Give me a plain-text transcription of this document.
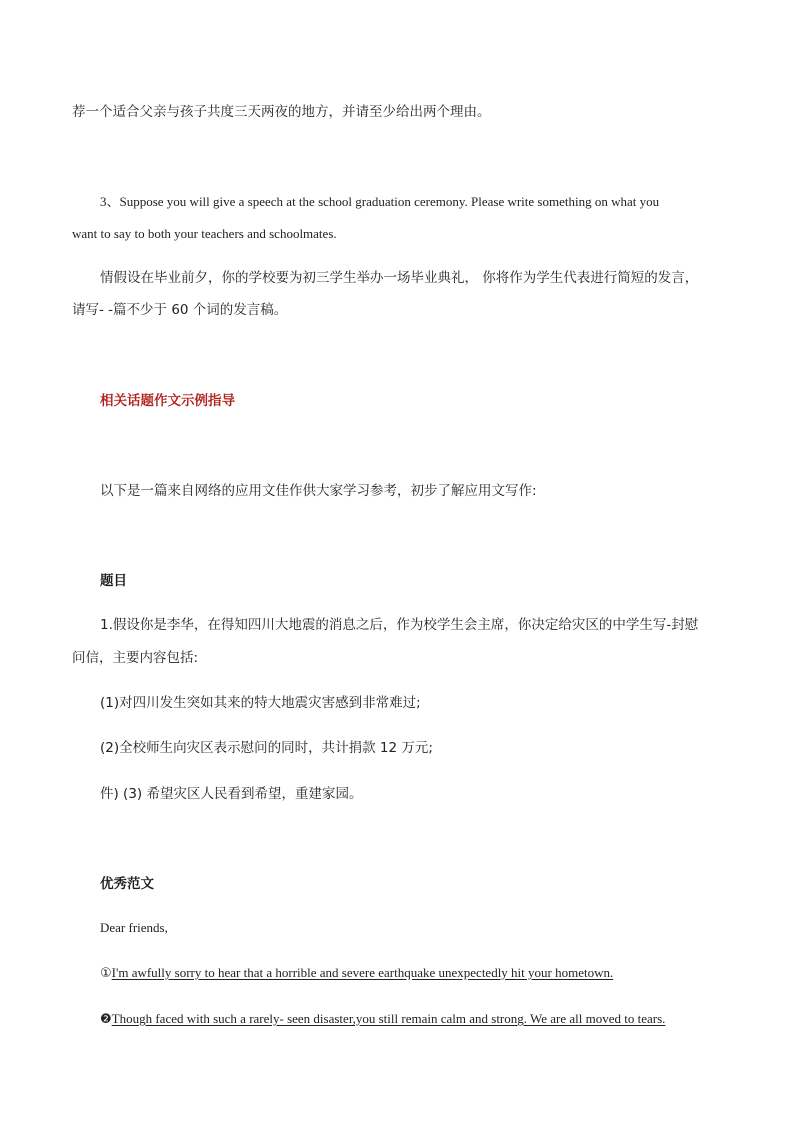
荐一个适合父亲与孩子共度三天两夜的地方，并请至少给出两个理由。
3、Suppose you will give a speech at the school graduation ceremony. Please write something on what you
want to say to both your teachers and schoolmates.
情假设在毕业前夕，你的学校要为初三学生举办一场毕业典礼， 你将作为学生代表进行简短的发言，
请写- -篇不少于 60 个词的发言稿。
相关话题作文示例指导
以下是一篇来自网络的应用文佳作供大家学习参考，初步了解应用文写作:
题目
1.假设你是李华，在得知四川大地震的消息之后，作为校学生会主席，你决定给灾区的中学生写-封慰
问信，主要内容包括:
(1)对四川发生突如其来的特大地震灾害感到非常难过;
(2)全校师生向灾区表示慰问的同时，共计捐款 12 万元;
件) (3) 希望灾区人民看到希望，重建家园。
优秀范文
Dear friends,
①I'm awfully sorry to hear that a horrible and severe earthquake unexpectedly hit your hometown.
❷Though faced with such a rarely- seen disaster,you still remain calm and strong. We are all moved to tears.
